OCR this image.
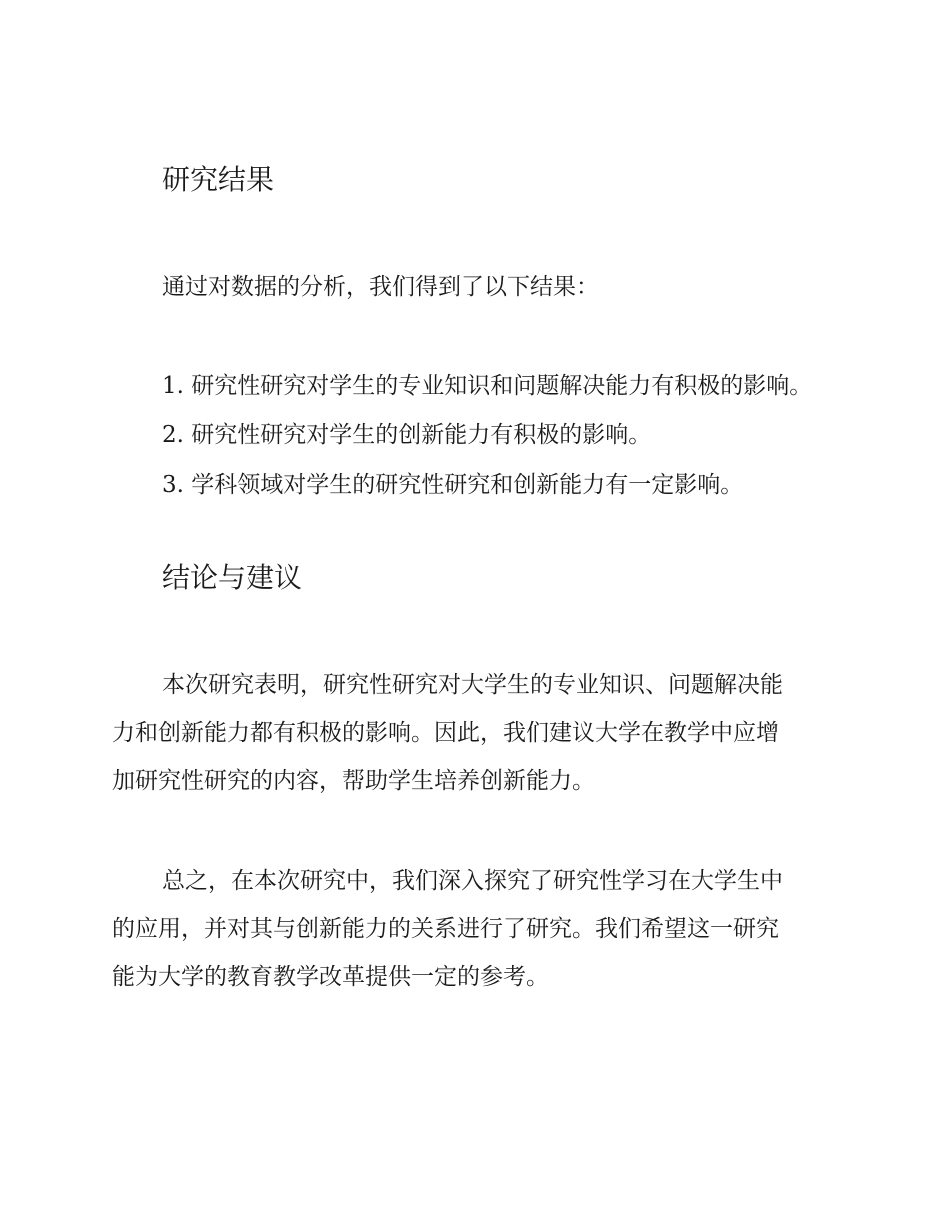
研究结果

通过对数据的分析，我们得到了以下结果：

1. 研究性研究对学生的专业知识和问题解决能力有积极的影响。

2. 研究性研究对学生的创新能力有积极的影响。

3. 学科领域对学生的研究性研究和创新能力有一定影响。

结论与建议

本次研究表明，研究性研究对大学生的专业知识、问题解决能

力和创新能力都有积极的影响。因此，我们建议大学在教学中应增

加研究性研究的内容，帮助学生培养创新能力。

总之，在本次研究中，我们深入探究了研究性学习在大学生中

的应用，并对其与创新能力的关系进行了研究。我们希望这一研究

能为大学的教育教学改革提供一定的参考。
